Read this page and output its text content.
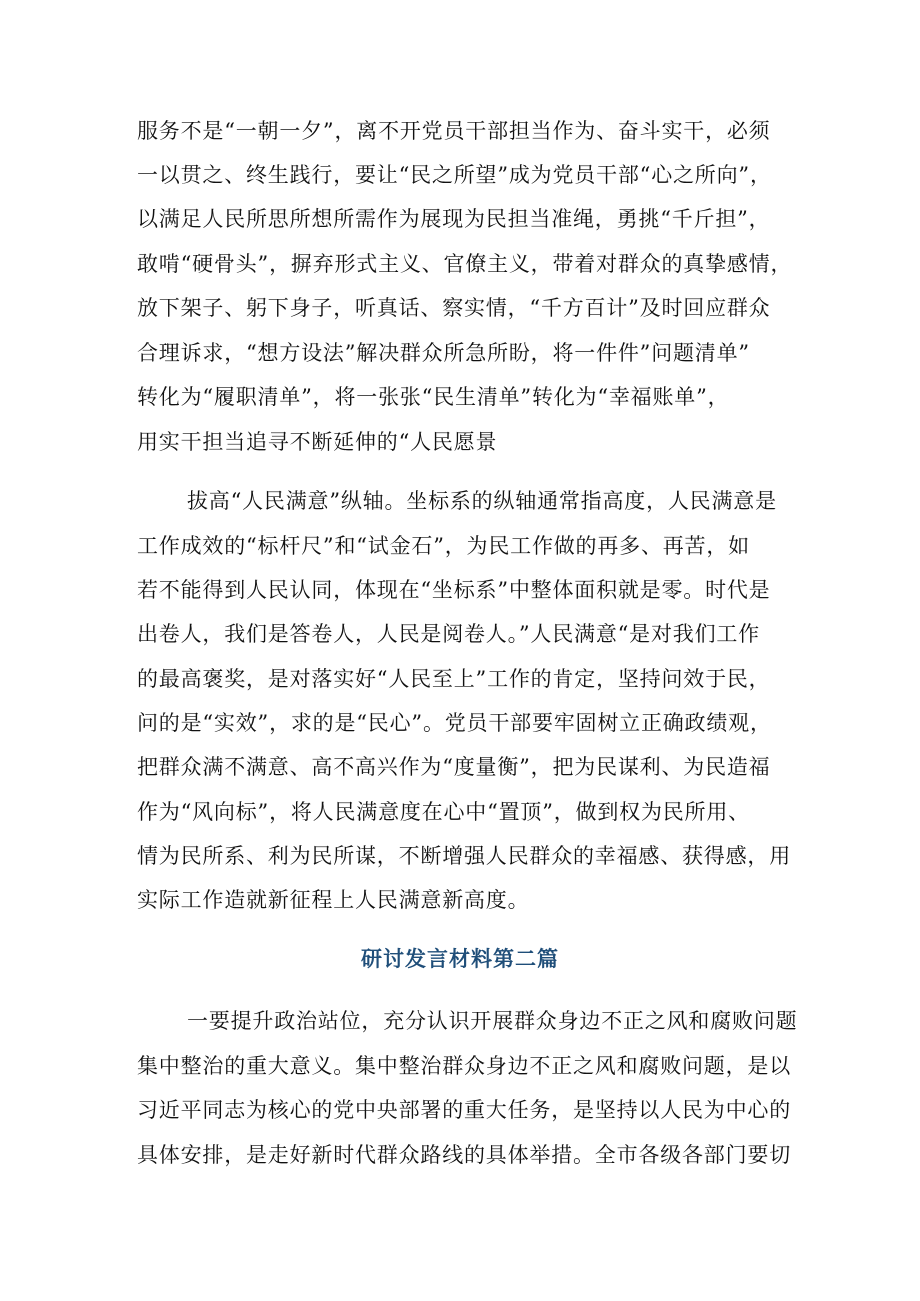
服务不是“一朝一夕”，离不开党员干部担当作为、奋斗实干，必须
一以贯之、终生践行，要让“民之所望”成为党员干部“心之所向”，
以满足人民所思所想所需作为展现为民担当准绳，勇挑“千斤担”，
敢啃“硬骨头”，摒弃形式主义、官僚主义，带着对群众的真挚感情，
放下架子、躬下身子，听真话、察实情，“千方百计”及时回应群众
合理诉求，“想方设法”解决群众所急所盼，将一件件”问题清单”
转化为“履职清单”，将一张张“民生清单”转化为“幸福账单”，
用实干担当追寻不断延伸的“人民愿景
拔高“人民满意”纵轴。坐标系的纵轴通常指高度，人民满意是
工作成效的“标杆尺”和“试金石”，为民工作做的再多、再苦，如
若不能得到人民认同，体现在“坐标系”中整体面积就是零。时代是
出卷人，我们是答卷人，人民是阅卷人。”人民满意“是对我们工作
的最高褒奖，是对落实好“人民至上”工作的肯定，坚持问效于民，
问的是“实效”，求的是“民心”。党员干部要牢固树立正确政绩观，
把群众满不满意、高不高兴作为“度量衡”，把为民谋利、为民造福
作为“风向标”，将人民满意度在心中“置顶”，做到权为民所用、
情为民所系、利为民所谋，不断增强人民群众的幸福感、获得感，用
实际工作造就新征程上人民满意新高度。
研讨发言材料第二篇
一要提升政治站位，充分认识开展群众身边不正之风和腐败问题
集中整治的重大意义。集中整治群众身边不正之风和腐败问题，是以
习近平同志为核心的党中央部署的重大任务，是坚持以人民为中心的
具体安排，是走好新时代群众路线的具体举措。全市各级各部门要切
